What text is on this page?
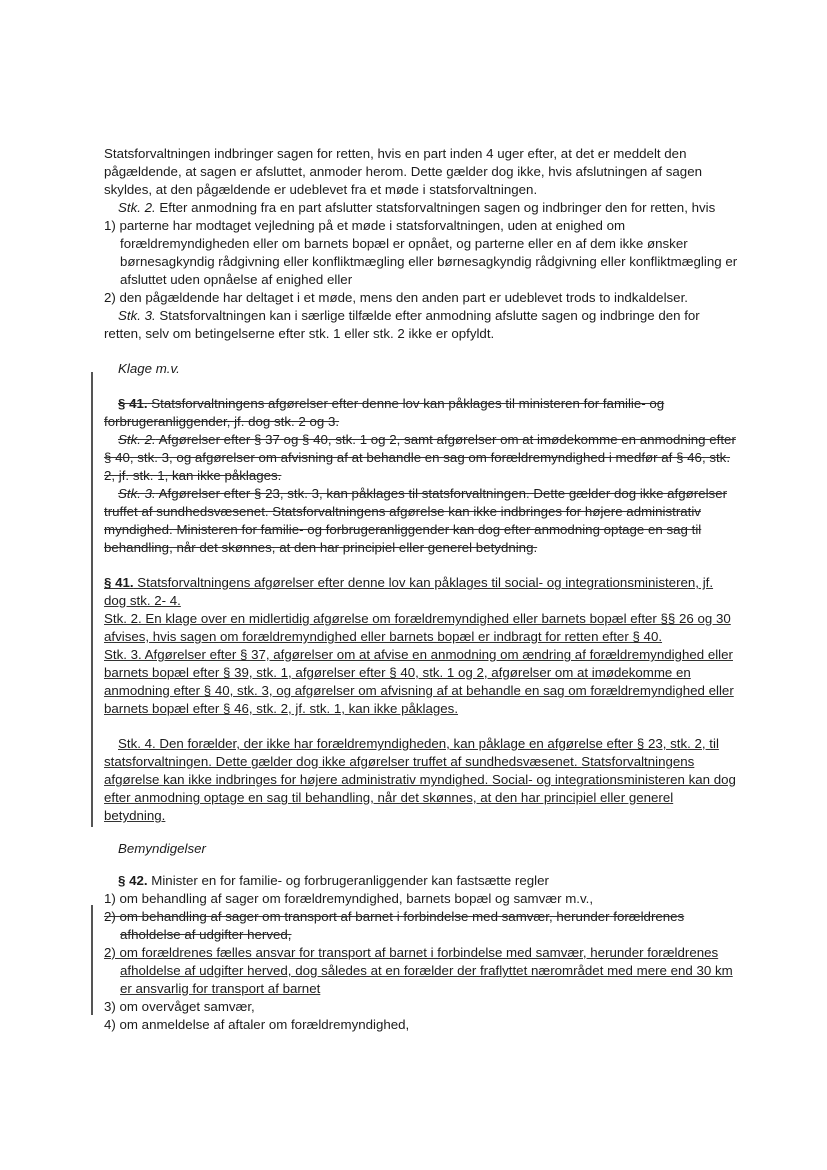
Statsforvaltningen indbringer sagen for retten, hvis en part inden 4 uger efter, at det er meddelt den
pågældende, at sagen er afsluttet, anmoder herom. Dette gælder dog ikke, hvis afslutningen af sagen
skyldes, at den pågældende er udeblevet fra et møde i statsforvaltningen.
Stk. 2. Efter anmodning fra en part afslutter statsforvaltningen sagen og indbringer den for retten, hvis
1) parterne har modtaget vejledning på et møde i statsforvaltningen, uden at enighed om
forældremyndigheden eller om barnets bopæl er opnået, og parterne eller en af dem ikke ønsker
børnesagkyndig rådgivning eller konfliktmægling eller børnesagkyndig rådgivning eller konfliktmægling er
afsluttet uden opnåelse af enighed eller
2) den pågældende har deltaget i et møde, mens den anden part er udeblevet trods to indkaldelser.
Stk. 3. Statsforvaltningen kan i særlige tilfælde efter anmodning afslutte sagen og indbringe den for
retten, selv om betingelserne efter stk. 1 eller stk. 2 ikke er opfyldt.
Klage m.v.
§ 41. Statsforvaltningens afgørelser efter denne lov kan påklages til ministeren for familie- og
forbrugeranliggender, jf. dog stk. 2 og 3.
Stk. 2. Afgørelser efter § 37 og § 40, stk. 1 og 2, samt afgørelser om at imødekomme en anmodning efter
§ 40, stk. 3, og afgørelser om afvisning af at behandle en sag om forældremyndighed i medfør af § 46, stk.
2, jf. stk. 1, kan ikke påklages.
Stk. 3. Afgørelser efter § 23, stk. 3, kan påklages til statsforvaltningen. Dette gælder dog ikke afgørelser
truffet af sundhedsvæsenet. Statsforvaltningens afgørelse kan ikke indbringes for højere administrativ
myndighed. Ministeren for familie- og forbrugeranliggender kan dog efter anmodning optage en sag til
behandling, når det skønnes, at den har principiel eller generel betydning.
§ 41. Statsforvaltningens afgørelser efter denne lov kan påklages til social- og integrationsministeren, jf.
dog stk. 2- 4.
Stk. 2. En klage over en midlertidig afgørelse om forældremyndighed eller barnets bopæl efter §§ 26 og 30
afvises, hvis sagen om forældremyndighed eller barnets bopæl er indbragt for retten efter § 40.
Stk. 3. Afgørelser efter § 37, afgørelser om at afvise en anmodning om ændring af forældremyndighed eller
barnets bopæl efter § 39, stk. 1, afgørelser efter § 40, stk. 1 og 2, afgørelser om at imødekomme en
anmodning efter § 40, stk. 3, og afgørelser om afvisning af at behandle en sag om forældremyndighed eller
barnets bopæl efter § 46, stk. 2, jf. stk. 1, kan ikke påklages.
Stk. 4. Den forælder, der ikke har forældremyndigheden, kan påklage en afgørelse efter § 23, stk. 2, til
statsforvaltningen. Dette gælder dog ikke afgørelser truffet af sundhedsvæsenet. Statsforvaltningens
afgørelse kan ikke indbringes for højere administrativ myndighed. Social- og integrationsministeren kan dog
efter anmodning optage en sag til behandling, når det skønnes, at den har principiel eller generel
betydning.
Bemyndigelser
§ 42. Minister en for familie- og forbrugeranliggender kan fastsætte regler
1) om behandling af sager om forældremyndighed, barnets bopæl og samvær m.v.,
2) om behandling af sager om transport af barnet i forbindelse med samvær, herunder forældrenes
afholdelse af udgifter herved,
2) om forældrenes fælles ansvar for transport af barnet i forbindelse med samvær, herunder forældrenes
afholdelse af udgifter herved, dog således at en forælder der fraflyttet nærområdet med mere end 30 km
er ansvarlig for transport af barnet
3) om overvåget samvær,
4) om anmeldelse af aftaler om forældremyndighed,
